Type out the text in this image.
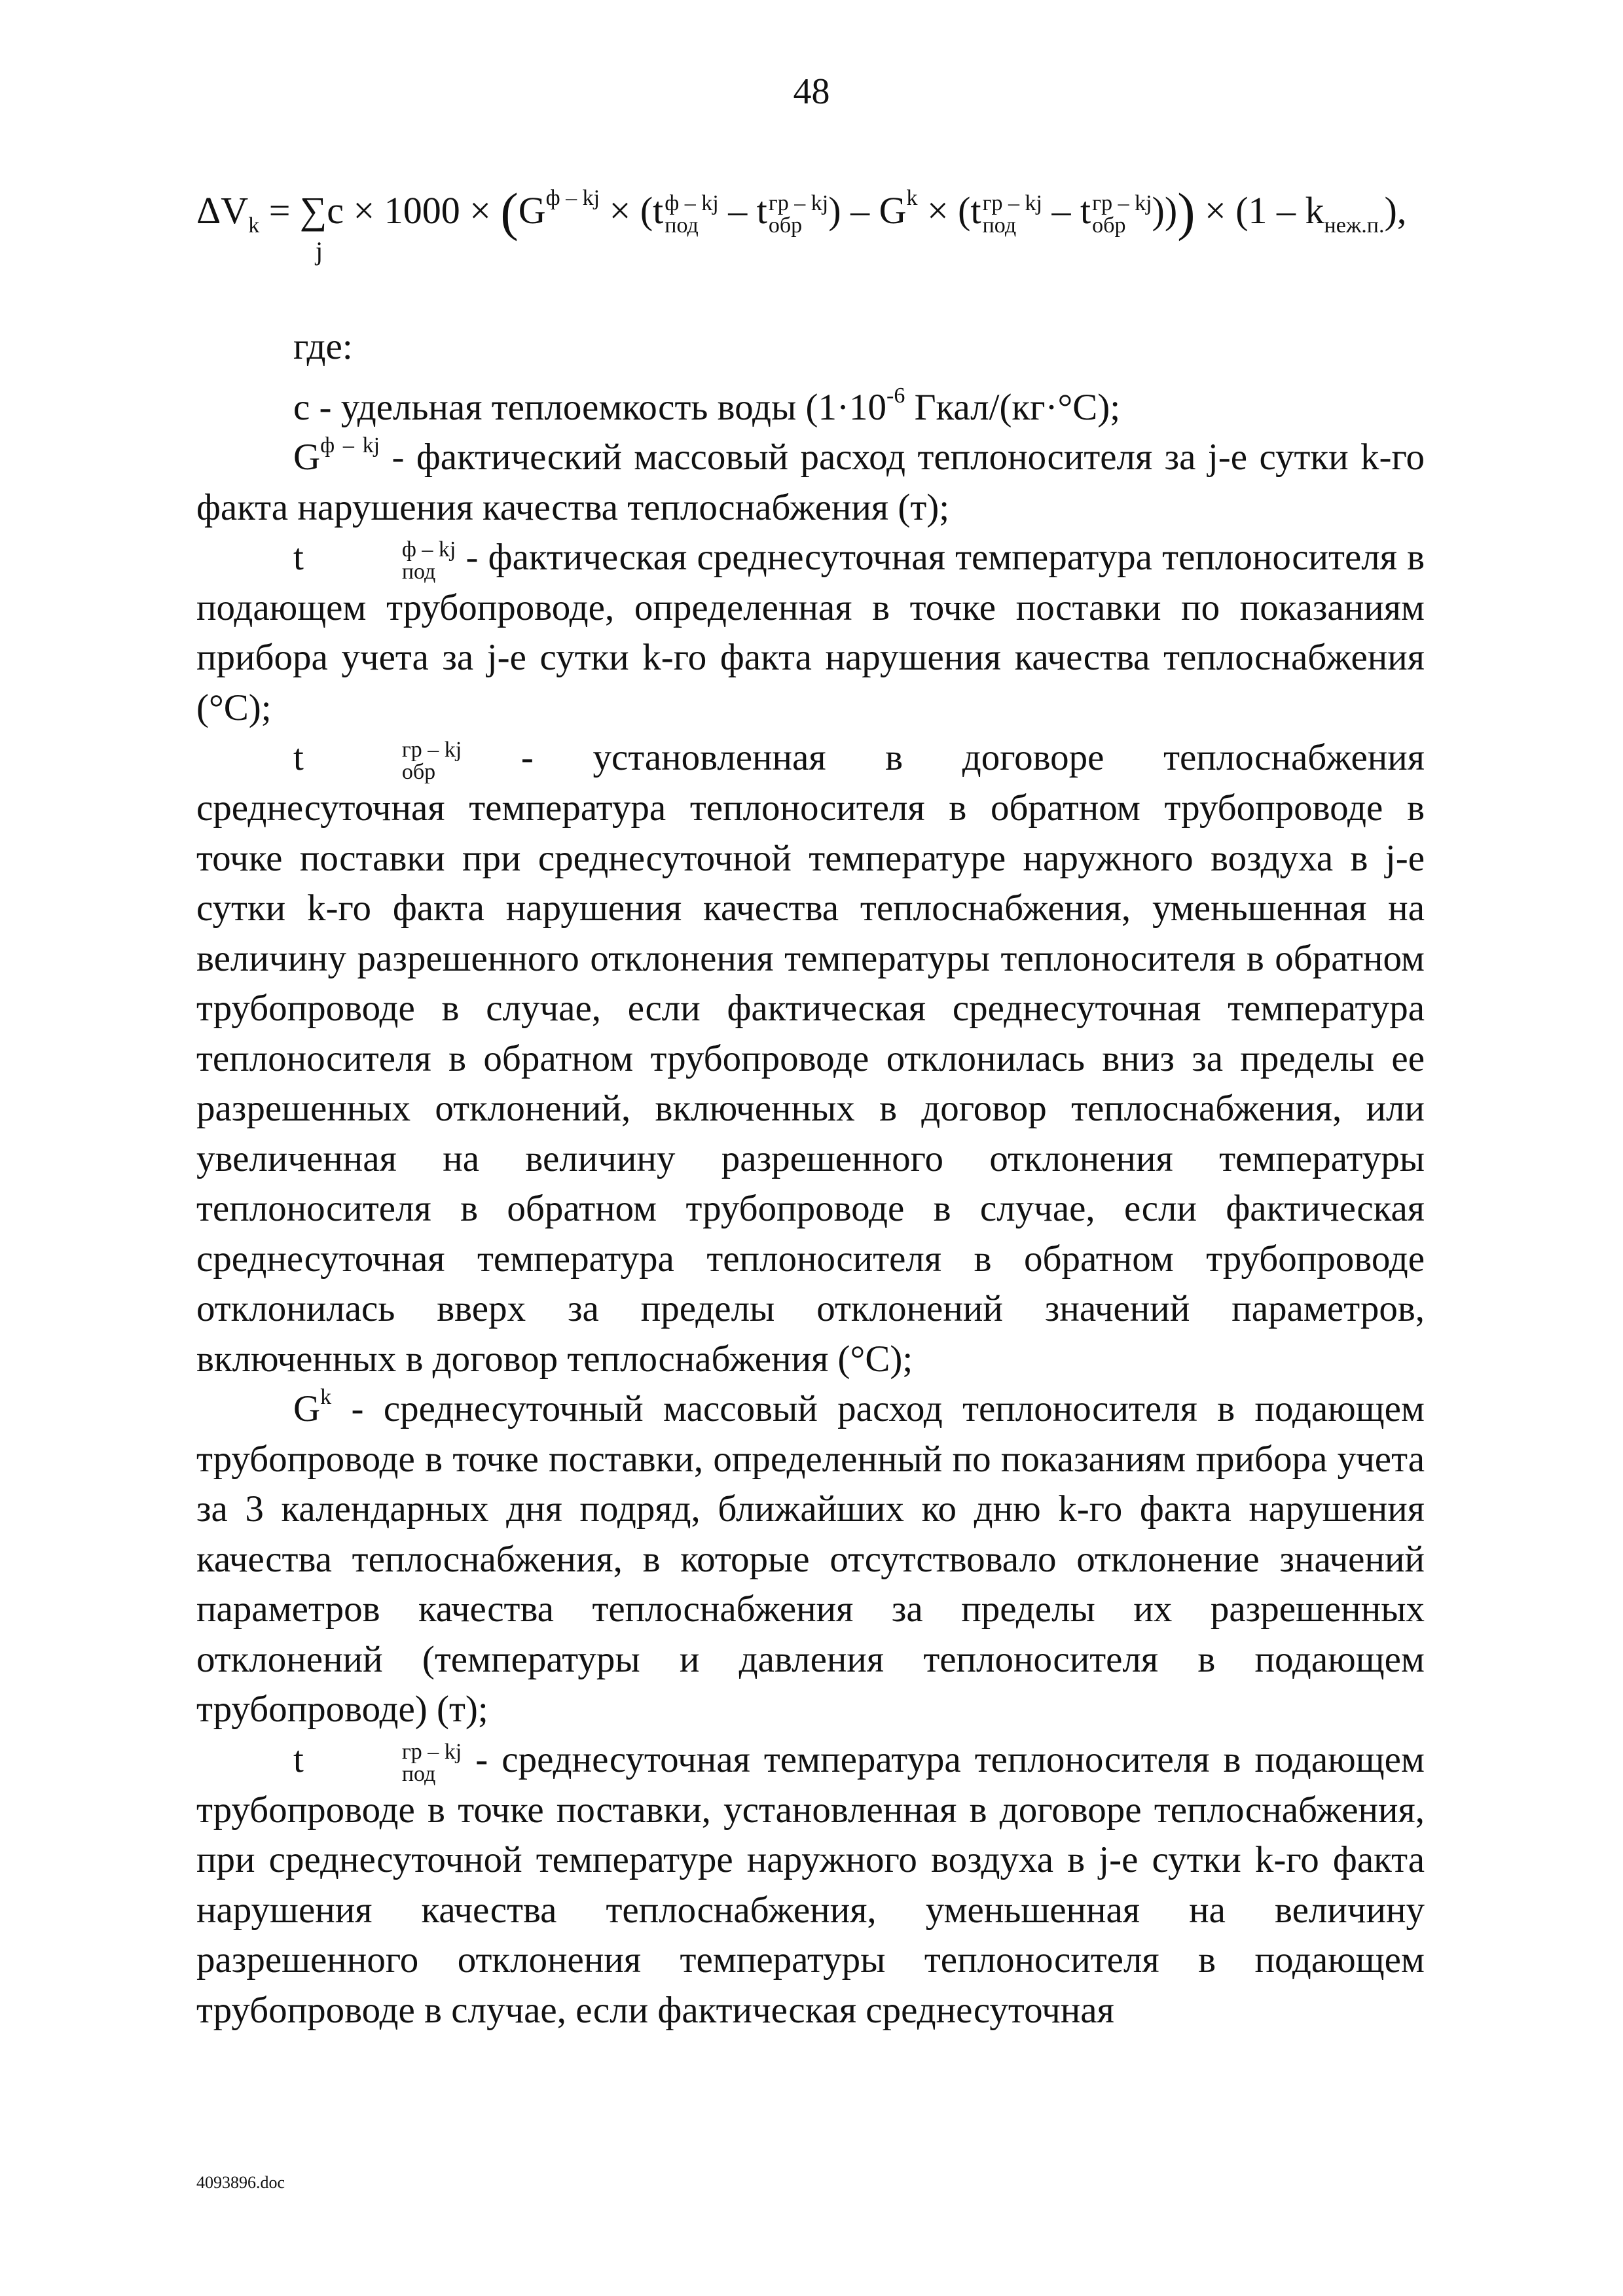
48
$\Delta V_k = \sum c \times 1000 \times (G^{ф - kj} \times (t$ ф – kj
под – t гр – kj
обр ) – $G^k \times (t$ гр – kj
под – t гр – kj
обр ))) × $(1 - k_{неж.п.})$,
j

где:

с - удельная теплоемкость воды ($1\cdot 10^{-6}$ Гкал/(кг·°С);

$G^{ф - kj}$ - фактический массовый расход теплоносителя за j-е сутки k-го факта нарушения качества теплоснабжения (т);

t	ф – kj
под - фактическая среднесуточная температура теплоносителя в подающем трубопроводе, определенная в точке поставки по показаниям прибора учета за j-е сутки k-го факта нарушения качества теплоснабжения (°С);

t	гр – kj
обр - установленная в договоре теплоснабжения среднесуточная температура теплоносителя в обратном трубопроводе в точке поставки при среднесуточной температуре наружного воздуха в j-е сутки k-го факта нарушения качества теплоснабжения, уменьшенная на величину разрешенного отклонения температуры теплоносителя в обратном трубопроводе в случае, если фактическая среднесуточная температура теплоносителя в обратном трубопроводе отклонилась вниз за пределы ее разрешенных отклонений, включенных в договор теплоснабжения, или увеличенная на величину разрешенного отклонения температуры теплоносителя в обратном трубопроводе в случае, если фактическая среднесуточная температура теплоносителя в обратном трубопроводе отклонилась вверх за пределы отклонений значений параметров, включенных в договор теплоснабжения (°С);

$G^k$ - среднесуточный массовый расход теплоносителя в подающем трубопроводе в точке поставки, определенный по показаниям прибора учета за 3 календарных дня подряд, ближайших ко дню k-го факта нарушения качества теплоснабжения, в которые отсутствовало отклонение значений параметров качества теплоснабжения за пределы их разрешенных отклонений (температуры и давления теплоносителя в подающем трубопроводе) (т);

t	гр – kj
под - среднесуточная температура теплоносителя в подающем трубопроводе в точке поставки, установленная в договоре теплоснабжения, при среднесуточной температуре наружного воздуха в j-е сутки k-го факта нарушения качества теплоснабжения, уменьшенная на величину разрешенного отклонения температуры теплоносителя в подающем трубопроводе в случае, если фактическая среднесуточная

4093896.doc
